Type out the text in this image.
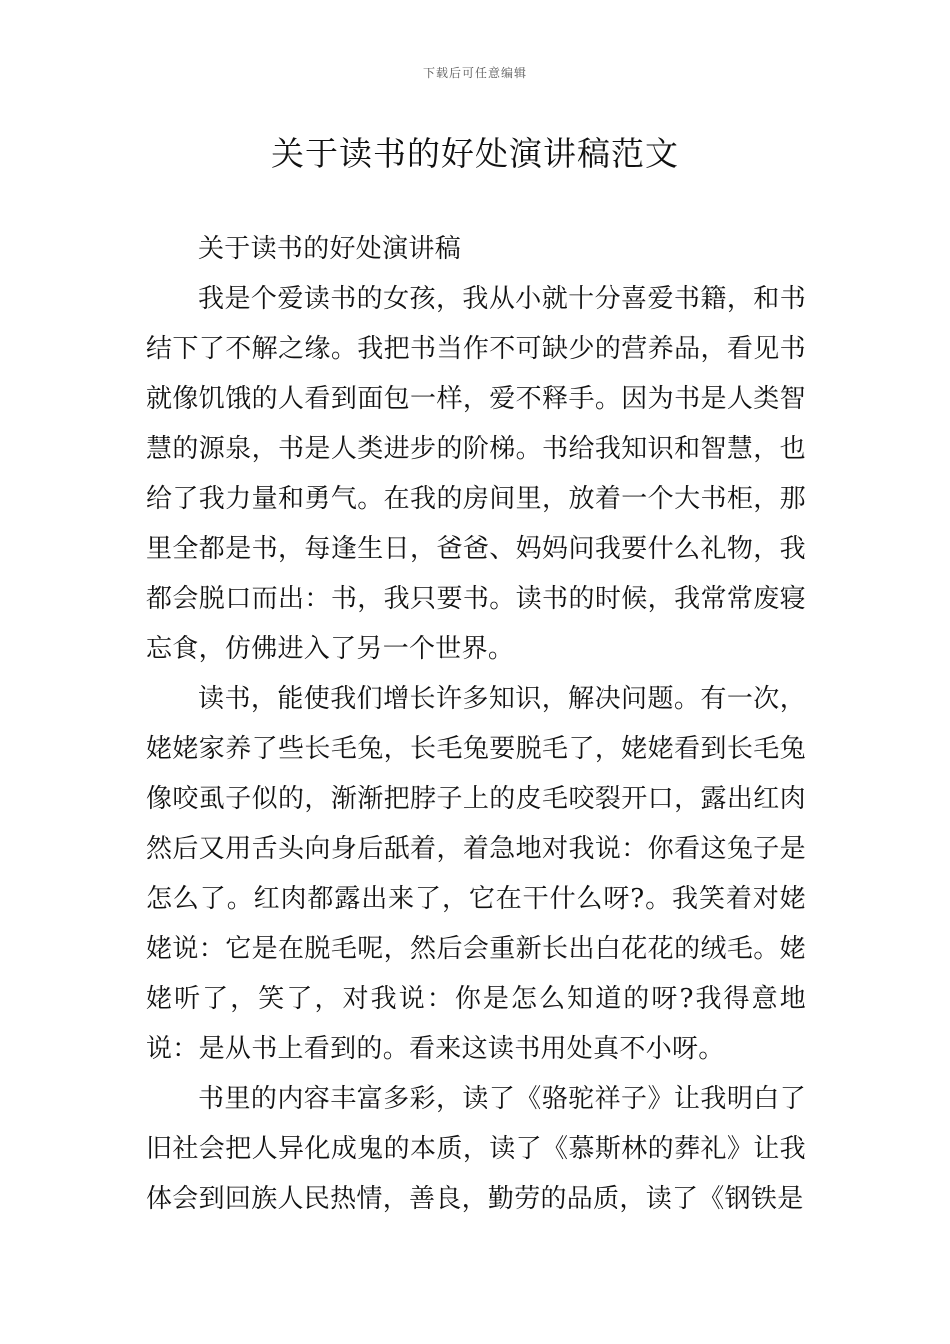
下载后可任意编辑
关于读书的好处演讲稿范文

关于读书的好处演讲稿

我是个爱读书的女孩，我从小就十分喜爱书籍，和书结下了不解之缘。我把书当作不可缺少的营养品，看见书就像饥饿的人看到面包一样，爱不释手。因为书是人类智慧的源泉，书是人类进步的阶梯。书给我知识和智慧，也给了我力量和勇气。在我的房间里，放着一个大书柜，那里全都是书，每逢生日，爸爸、妈妈问我要什么礼物，我都会脱口而出：书，我只要书。读书的时候，我常常废寝忘食，仿佛进入了另一个世界。

读书，能使我们增长许多知识，解决问题。有一次，姥姥家养了些长毛兔，长毛兔要脱毛了，姥姥看到长毛兔像咬虱子似的，渐渐把脖子上的皮毛咬裂开口，露出红肉然后又用舌头向身后舐着，着急地对我说：你看这兔子是怎么了。红肉都露出来了，它在干什么呀?。我笑着对姥姥说：它是在脱毛呢，然后会重新长出白花花的绒毛。姥姥听了，笑了，对我说：你是怎么知道的呀?我得意地说：是从书上看到的。看来这读书用处真不小呀。

书里的内容丰富多彩，读了《骆驼祥子》让我明白了旧社会把人异化成鬼的本质，读了《慕斯林的葬礼》让我体会到回族人民热情，善良，勤劳的品质，读了《钢铁是
